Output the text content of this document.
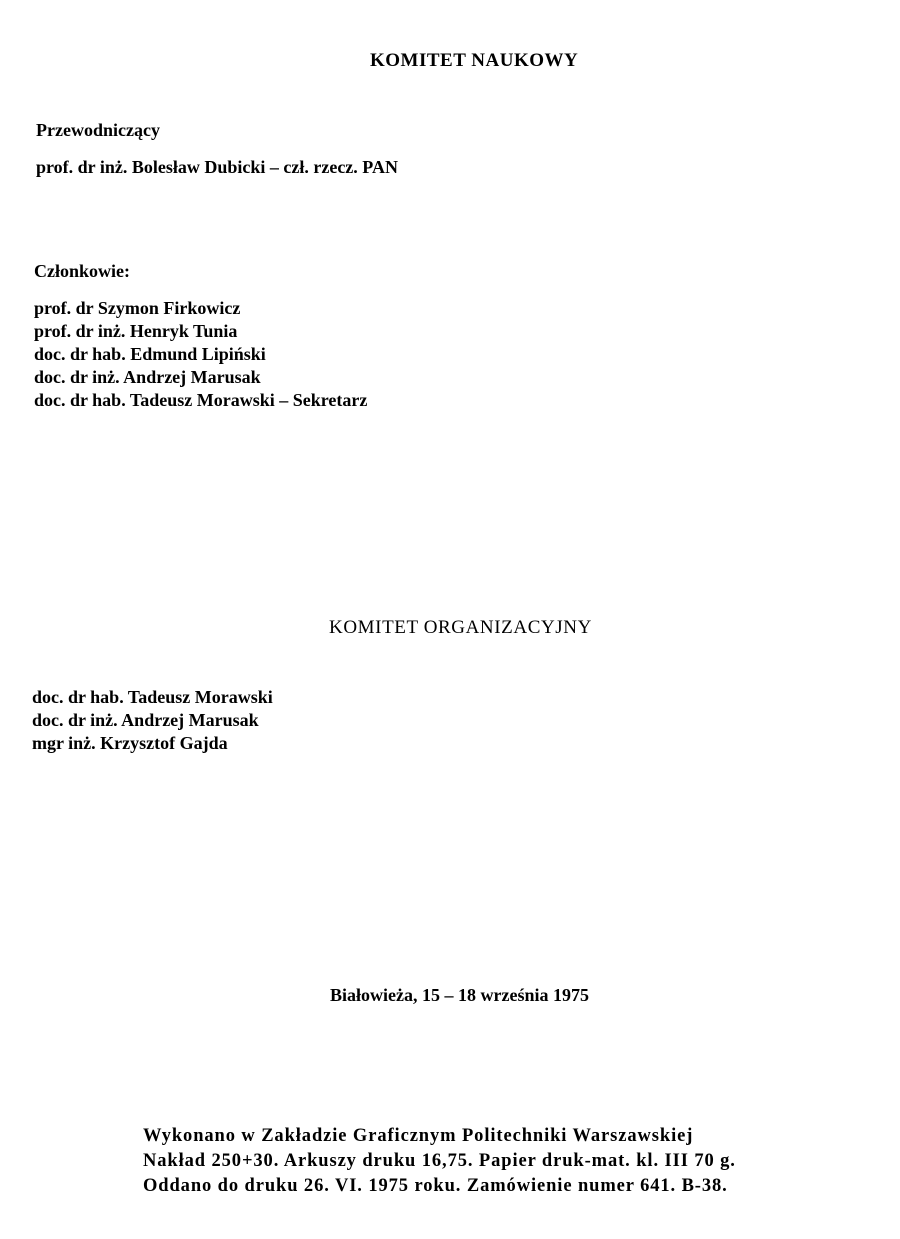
KOMITET NAUKOWY
Przewodniczący
prof. dr inż. Bolesław Dubicki – czł. rzecz. PAN
Członkowie:
prof. dr Szymon Firkowicz
prof. dr inż. Henryk Tunia
doc. dr hab. Edmund Lipiński
doc. dr inż. Andrzej Marusak
doc. dr hab. Tadeusz Morawski – Sekretarz
KOMITET ORGANIZACYJNY
doc. dr hab. Tadeusz Morawski
doc. dr inż. Andrzej Marusak
mgr inż. Krzysztof Gajda
Białowieża, 15 – 18 września 1975
Wykonano w Zakładzie Graficznym Politechniki Warszawskiej
Nakład 250+30. Arkuszy druku 16,75. Papier druk-mat. kl. III 70 g.
Oddano do druku 26. VI. 1975 roku. Zamówienie numer 641. B-38.
